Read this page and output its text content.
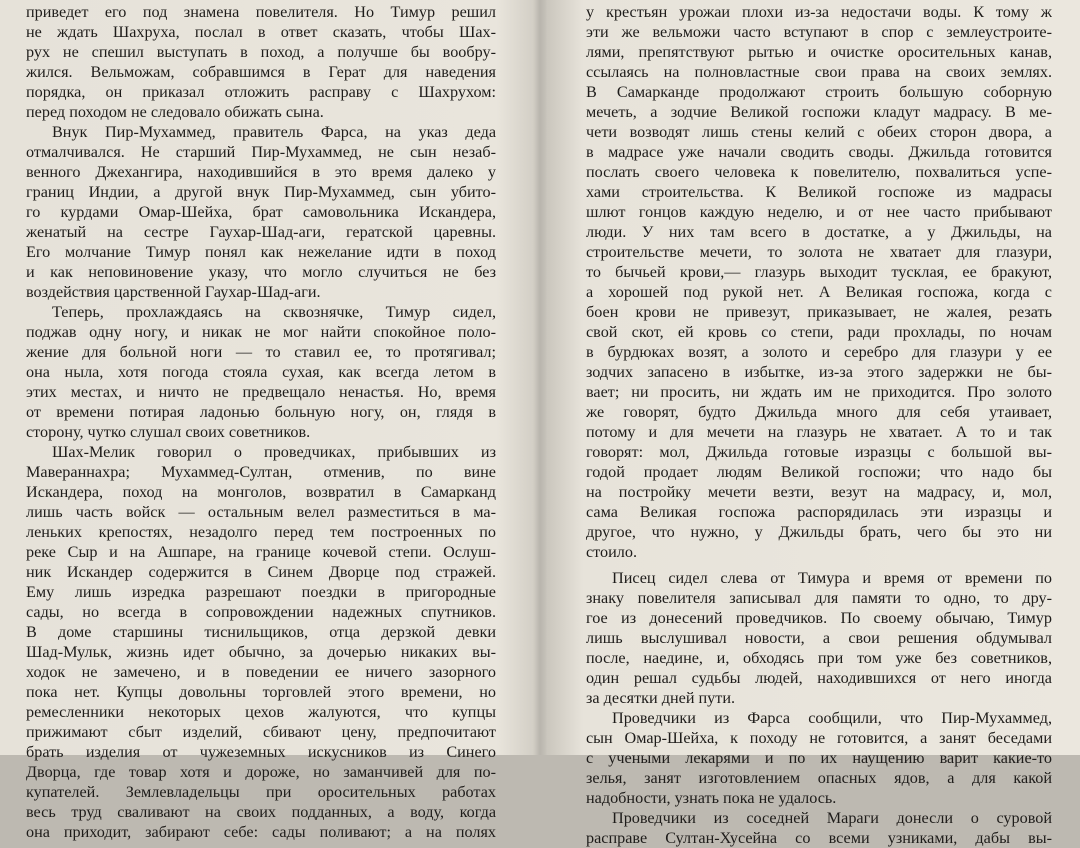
приведет его под знамена повелителя. Но Тимур решил
не ждать Шахруха, послал в ответ сказать, чтобы Шах-
рух не спешил выступать в поход, а получше бы вообру-
жился. Вельможам, собравшимся в Герат для наведения
порядка, он приказал отложить расправу с Шахрухом:
перед походом не следовало обижать сына.
Внук Пир-Мухаммед, правитель Фарса, на указ деда
отмалчивался. Не старший Пир-Мухаммед, не сын незаб-
венного Джехангира, находившийся в это время далеко у
границ Индии, а другой внук Пир-Мухаммед, сын убито-
го курдами Омар-Шейха, брат самовольника Искандера,
женатый на сестре Гаухар-Шад-аги, гератской царевны.
Его молчание Тимур понял как нежелание идти в поход
и как неповиновение указу, что могло случиться не без
воздействия царственной Гаухар-Шад-аги.
Теперь, прохлаждаясь на сквознячке, Тимур сидел,
поджав одну ногу, и никак не мог найти спокойное поло-
жение для больной ноги — то ставил ее, то протягивал;
она ныла, хотя погода стояла сухая, как всегда летом в
этих местах, и ничто не предвещало ненастья. Но, время
от времени потирая ладонью больную ногу, он, глядя в
сторону, чутко слушал своих советников.
Шах-Мелик говорил о проведчиках, прибывших из
Мавераннахра; Мухаммед-Султан, отменив, по вине
Искандера, поход на монголов, возвратил в Самарканд
лишь часть войск — остальным велел разместиться в ма-
леньких крепостях, незадолго перед тем построенных по
реке Сыр и на Ашпаре, на границе кочевой степи. Ослуш-
ник Искандер содержится в Синем Дворце под стражей.
Ему лишь изредка разрешают поездки в пригородные
сады, но всегда в сопровождении надежных спутников.
В доме старшины тиснильщиков, отца дерзкой девки
Шад-Мульк, жизнь идет обычно, за дочерью никаких вы-
ходок не замечено, и в поведении ее ничего зазорного
пока нет. Купцы довольны торговлей этого времени, но
ремесленники некоторых цехов жалуются, что купцы
прижимают сбыт изделий, сбивают цену, предпочитают
брать изделия от чужеземных искусников из Синего
Дворца, где товар хотя и дороже, но заманчивей для по-
купателей. Землевладельцы при оросительных работах
весь труд сваливают на своих подданных, а воду, когда
она приходит, забирают себе: сады поливают; а на полях
у крестьян урожаи плохи из-за недостачи воды. К тому ж
эти же вельможи часто вступают в спор с землеустроите-
лями, препятствуют рытью и очистке оросительных канав,
ссылаясь на полновластные свои права на своих землях.
В Самарканде продолжают строить большую соборную
мечеть, а зодчие Великой госпожи кладут мадрасу. В ме-
чети возводят лишь стены келий с обеих сторон двора, а
в мадрасе уже начали сводить своды. Джильда готовится
послать своего человека к повелителю, похвалиться успе-
хами строительства. К Великой госпоже из мадрасы
шлют гонцов каждую неделю, и от нее часто прибывают
люди. У них там всего в достатке, а у Джильды, на
строительстве мечети, то золота не хватает для глазури,
то бычьей крови,— глазурь выходит тусклая, ее бракуют,
а хорошей под рукой нет. А Великая госпожа, когда с
боен крови не привезут, приказывает, не жалея, резать
свой скот, ей кровь со степи, ради прохлады, по ночам
в бурдюках возят, а золото и серебро для глазури у ее
зодчих запасено в избытке, из-за этого задержки не бы-
вает; ни просить, ни ждать им не приходится. Про золото
же говорят, будто Джильда много для себя утаивает,
потому и для мечети на глазурь не хватает. А то и так
говорят: мол, Джильда готовые изразцы с большой вы-
годой продает людям Великой госпожи; что надо бы
на постройку мечети везти, везут на мадрасу, и, мол,
сама Великая госпожа распорядилась эти изразцы и
другое, что нужно, у Джильды брать, чего бы это ни
стоило.
Писец сидел слева от Тимура и время от времени по
знаку повелителя записывал для памяти то одно, то дру-
гое из донесений проведчиков. По своему обычаю, Тимур
лишь выслушивал новости, а свои решения обдумывал
после, наедине, и, обходясь при том уже без советников,
один решал судьбы людей, находившихся от него иногда
за десятки дней пути.
Проведчики из Фарса сообщили, что Пир-Мухаммед,
сын Омар-Шейха, к походу не готовится, а занят беседами
с учеными лекарями и по их наущению варит какие-то
зелья, занят изготовлением опасных ядов, а для какой
надобности, узнать пока не удалось.
Проведчики из соседней Мараги донесли о суровой
расправе Султан-Хусейна со всеми узниками, дабы вы-
